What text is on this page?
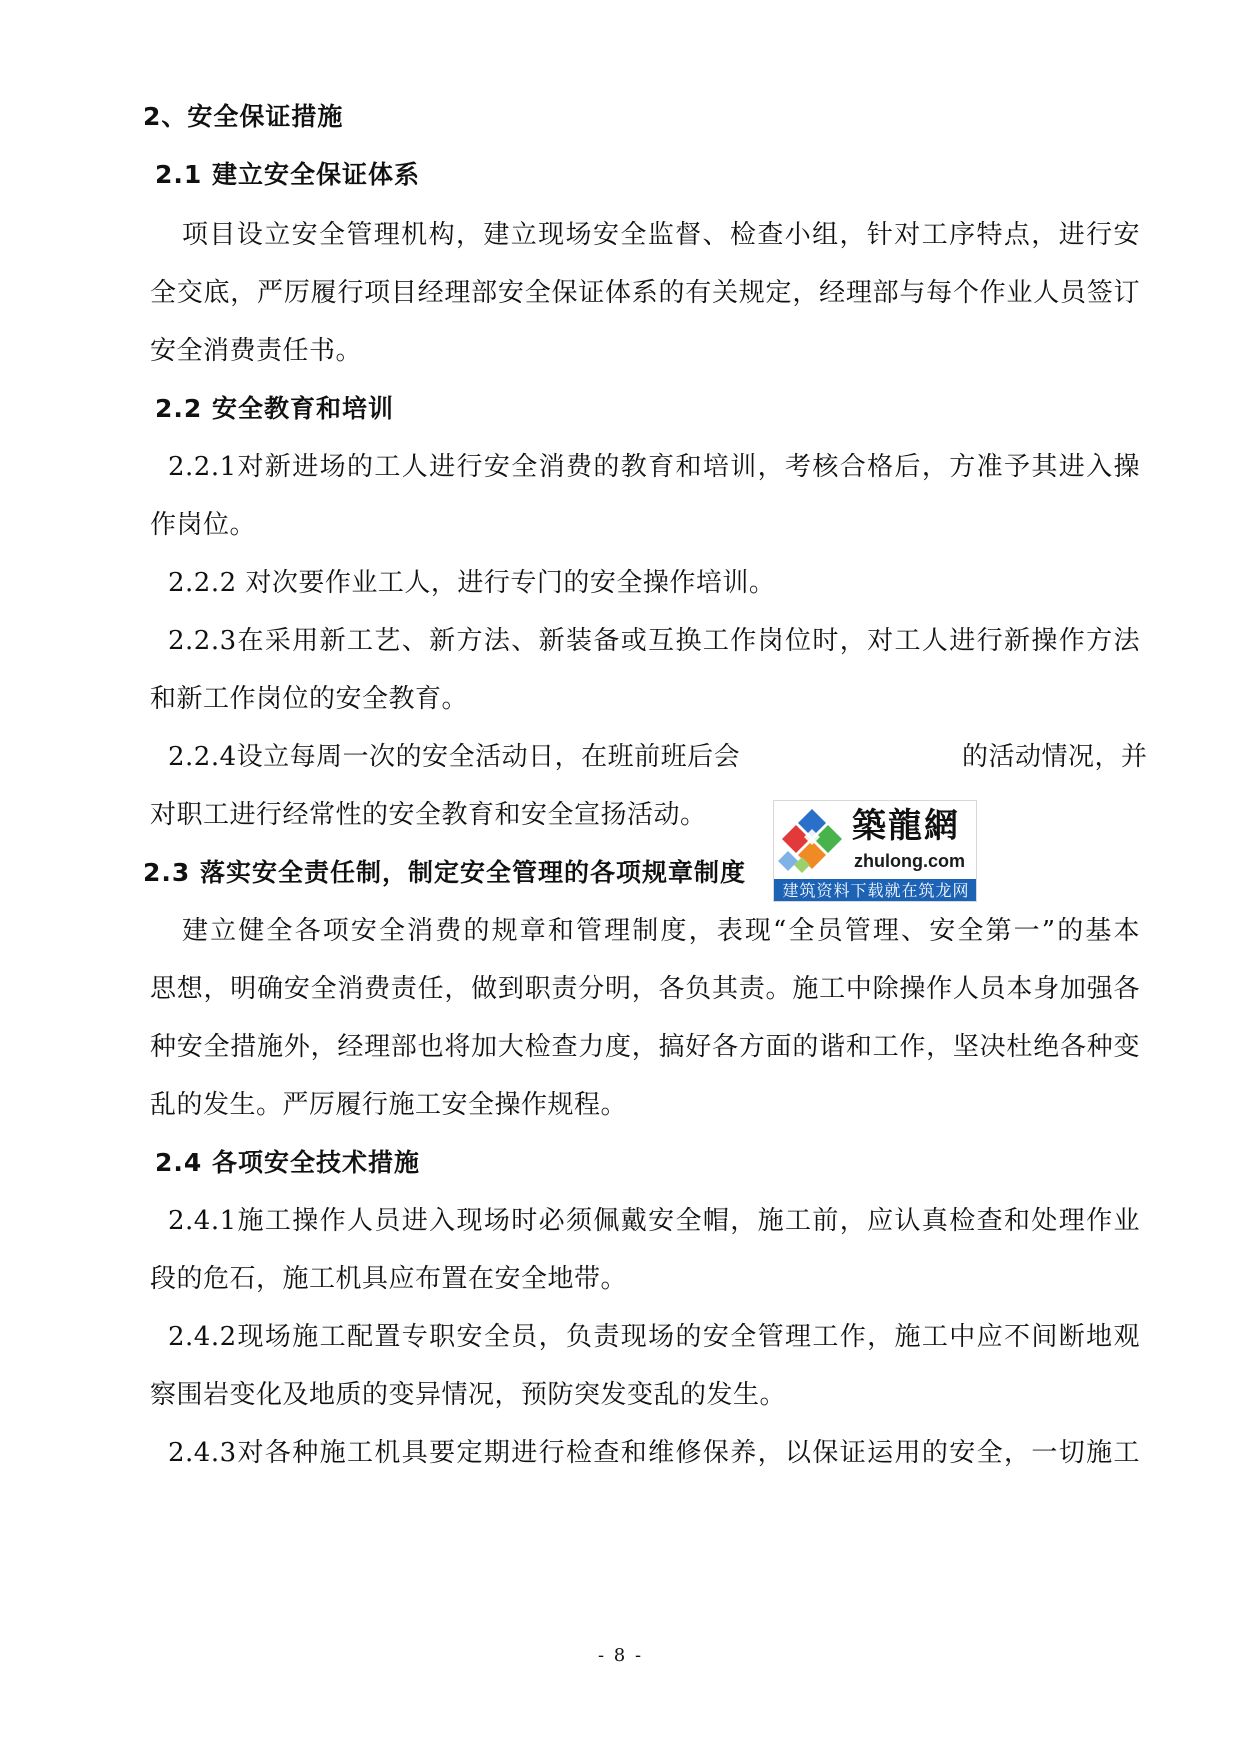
2、安全保证措施
2.1 建立安全保证体系
项目设立安全管理机构，建立现场安全监督、检查小组，针对工序特点，进行安
全交底，严厉履行项目经理部安全保证体系的有关规定，经理部与每个作业人员签订
安全消费责任书。
2.2 安全教育和培训
2.2.1对新进场的工人进行安全消费的教育和培训，考核合格后，方准予其进入操
作岗位。
2.2.2 对次要作业工人，进行专门的安全操作培训。
2.2.3在采用新工艺、新方法、新装备或互换工作岗位时，对工人进行新操作方法
和新工作岗位的安全教育。
2.2.4设立每周一次的安全活动日，在班前班后会	的活动情况，并
对职工进行经常性的安全教育和安全宣扬活动。
2.3 落实安全责任制，制定安全管理的各项规章制度
建立健全各项安全消费的规章和管理制度，表现“全员管理、安全第一”的基本
思想，明确安全消费责任，做到职责分明，各负其责。施工中除操作人员本身加强各
种安全措施外，经理部也将加大检查力度，搞好各方面的谐和工作，坚决杜绝各种变
乱的发生。严厉履行施工安全操作规程。
2.4 各项安全技术措施
2.4.1施工操作人员进入现场时必须佩戴安全帽，施工前，应认真检查和处理作业
段的危石，施工机具应布置在安全地带。
2.4.2现场施工配置专职安全员，负责现场的安全管理工作，施工中应不间断地观
察围岩变化及地质的变异情况，预防突发变乱的发生。
2.4.3对各种施工机具要定期进行检查和维修保养，以保证运用的安全，一切施工
- 8 -
築龍網
zhulong.com
建筑资料下载就在筑龙网
